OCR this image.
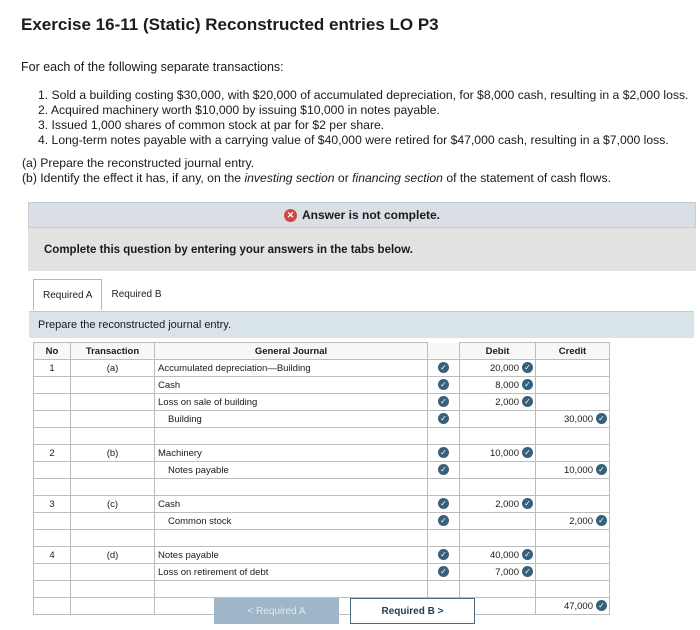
Exercise 16-11 (Static) Reconstructed entries LO P3
For each of the following separate transactions:
1. Sold a building costing $30,000, with $20,000 of accumulated depreciation, for $8,000 cash, resulting in a $2,000 loss.
2. Acquired machinery worth $10,000 by issuing $10,000 in notes payable.
3. Issued 1,000 shares of common stock at par for $2 per share.
4. Long-term notes payable with a carrying value of $40,000 were retired for $47,000 cash, resulting in a $7,000 loss.
(a) Prepare the reconstructed journal entry.
(b) Identify the effect it has, if any, on the investing section or financing section of the statement of cash flows.
✕ Answer is not complete.
Complete this question by entering your answers in the tabs below.
Required A	Required B
Prepare the reconstructed journal entry.
No	Transaction	General Journal		Debit	Credit
1	(a)	Accumulated depreciation—Building	✓	20,000 ✓	
		Cash	✓	8,000 ✓	
		Loss on sale of building	✓	2,000 ✓	
		Building	✓		30,000 ✓

2	(b)	Machinery	✓	10,000 ✓	
		Notes payable	✓		10,000 ✓

3	(c)	Cash	✓	2,000 ✓	
		Common stock	✓		2,000 ✓

4	(d)	Notes payable	✓	40,000 ✓	
		Loss on retirement of debt	✓	7,000 ✓	

					47,000 ✓
< Required A	Required B >
